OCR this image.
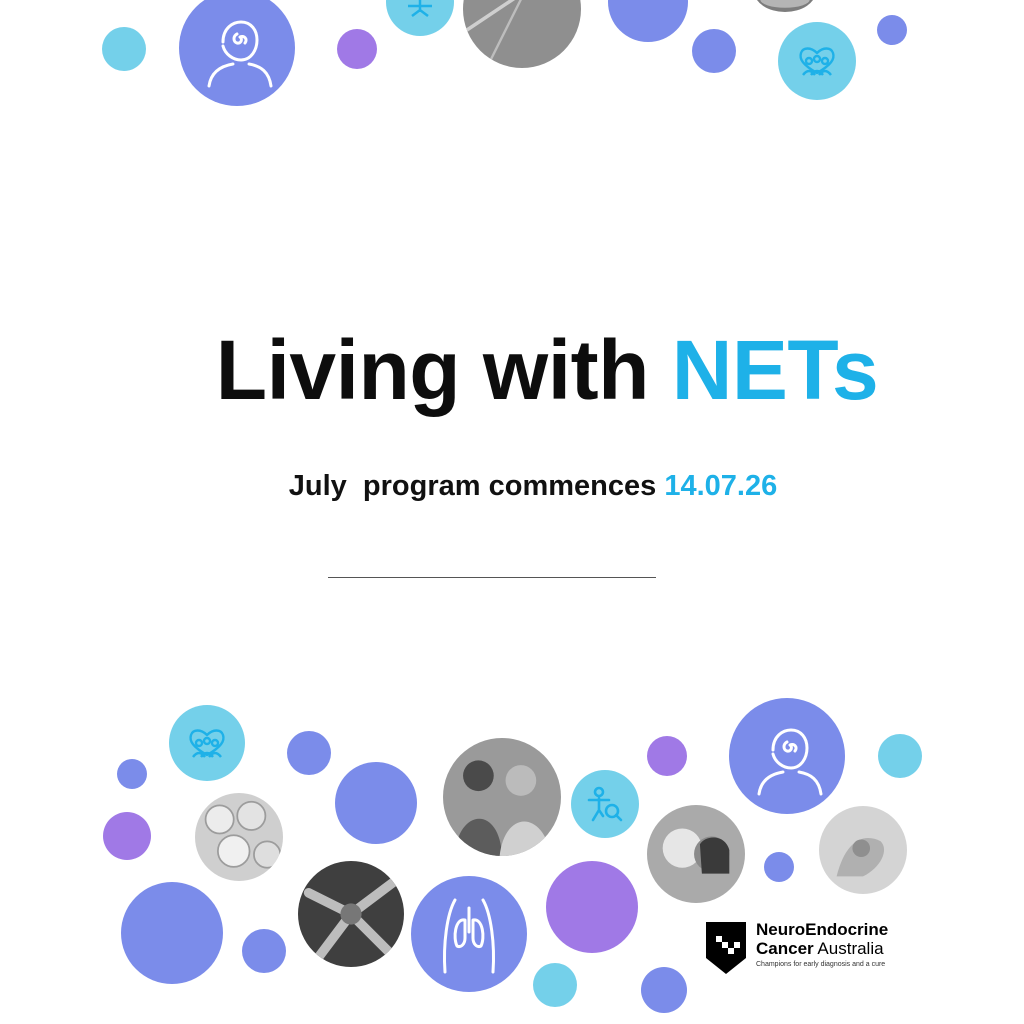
Living with NETs
July  program commences 14.07.26
NeuroEndocrine
Cancer Australia
Champions for early diagnosis and a cure
